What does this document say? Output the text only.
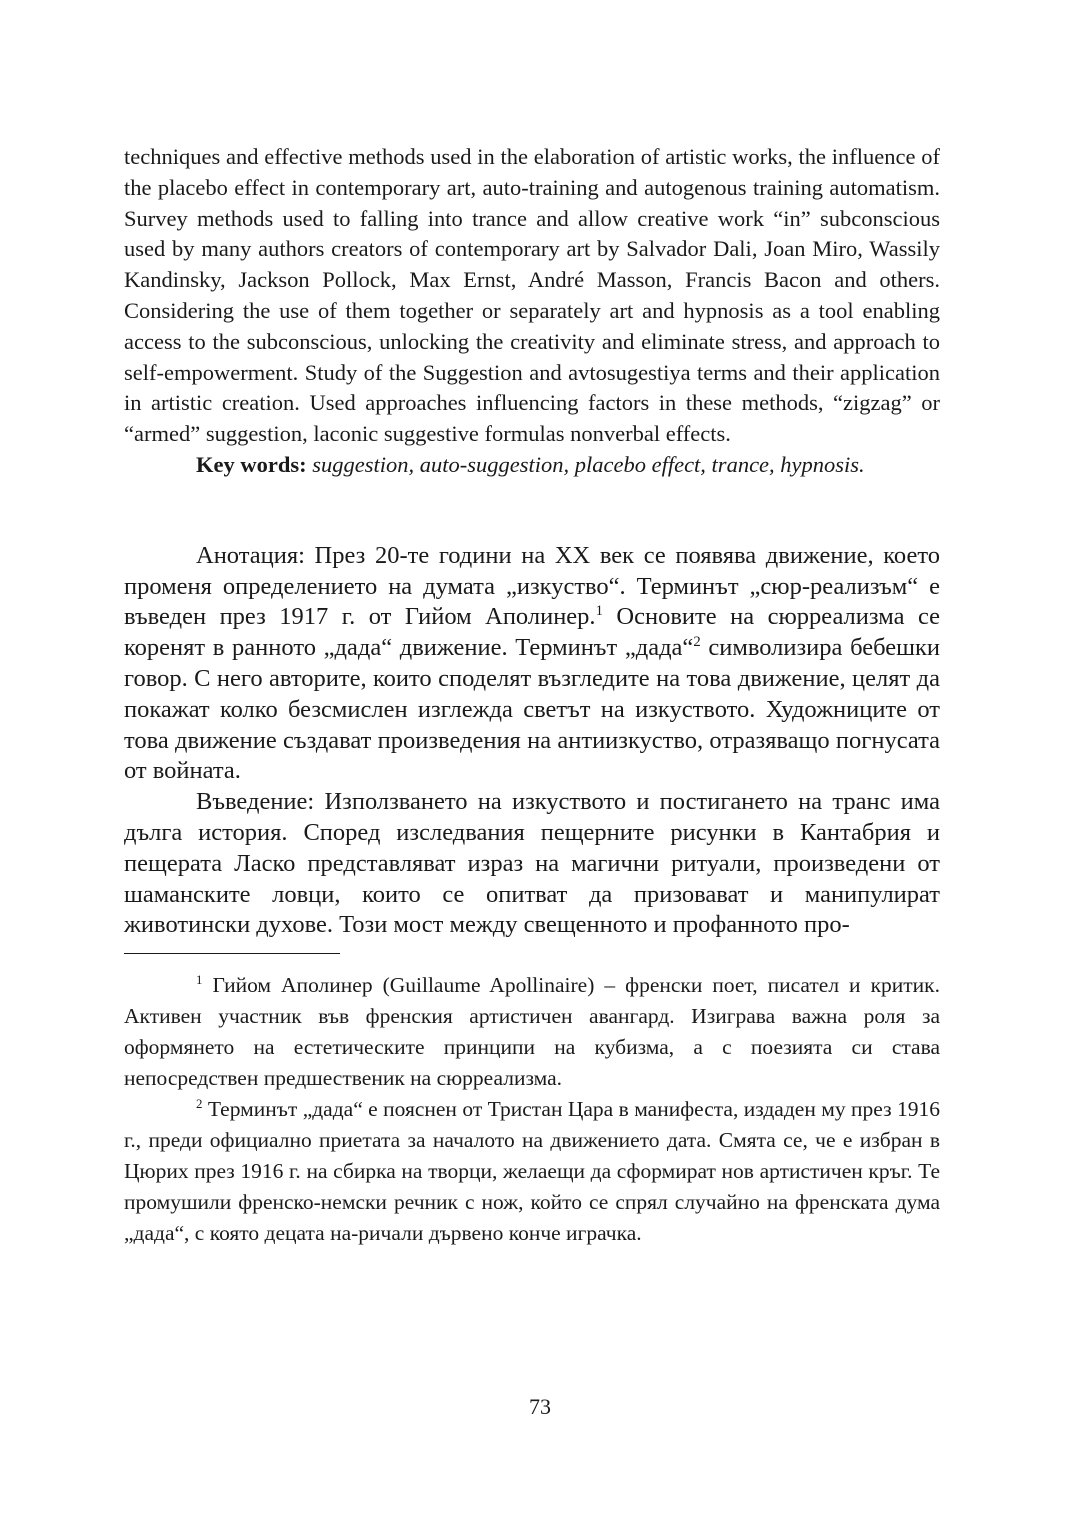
techniques and effective methods used in the elaboration of artistic works, the influence of the placebo effect in contemporary art, auto-training and autogenous training automatism. Survey methods used to falling into trance and allow creative work “in” subconscious used by many authors creators of contemporary art by Salvador Dali, Joan Miro, Wassily Kandinsky, Jackson Pollock, Max Ernst, André Masson, Francis Bacon and others. Considering the use of them together or separately art and hypnosis as a tool enabling access to the subconscious, unlocking the creativity and eliminate stress, and approach to self-empowerment. Study of the Suggestion and avtosugestiya terms and their application in artistic creation. Used approaches influencing factors in these methods, “zigzag” or “armed” suggestion, laconic suggestive formulas nonverbal effects.

Key words: suggestion, auto-suggestion, placebo effect, trance, hypnosis.

Анотация: През 20-те години на XX век се появява движение, което променя определението на думата „изкуство“. Терминът „сюр-реализъм“ е въведен през 1917 г. от Гийом Аполинер.$^1$ Основите на сюрреализма се коренят в ранното „дада“ движение. Терминът „дада“$^2$ символизира бебешки говор. С него авторите, които споделят възгледите на това движение, целят да покажат колко безсмислен изглежда светът на изкуството. Художниците от това движение създават произведения на антиизкуство, отразяващо погнусата от войната.

Въведение: Използването на изкуството и постигането на транс има дълга история. Според изследвания пещерните рисунки в Кантабрия и пещерата Ласко представляват израз на магични ритуали, произведени от шаманските ловци, които се опитват да призовават и манипулират животински духове. Този мост между свещенното и профанното про-

$^1$ Гийом Аполинер (Guillaume Apollinaire) – френски поет, писател и критик. Активен участник във френския артистичен авангард. Изиграва важна роля за оформянето на естетическите принципи на кубизма, а с поезията си става непосредствен предшественик на сюрреализма.

$^2$ Терминът „дада“ е пояснен от Тристан Цара в манифеста, издаден му през 1916 г., преди официално приетата за началото на движението дата. Смята се, че е избран в Цюрих през 1916 г. на сбирка на творци, желаещи да сформират нов артистичен кръг. Те промушили френско-немски речник с нож, който се спрял случайно на френската дума „дада“, с която децата на-ричали дървено конче играчка.

73
